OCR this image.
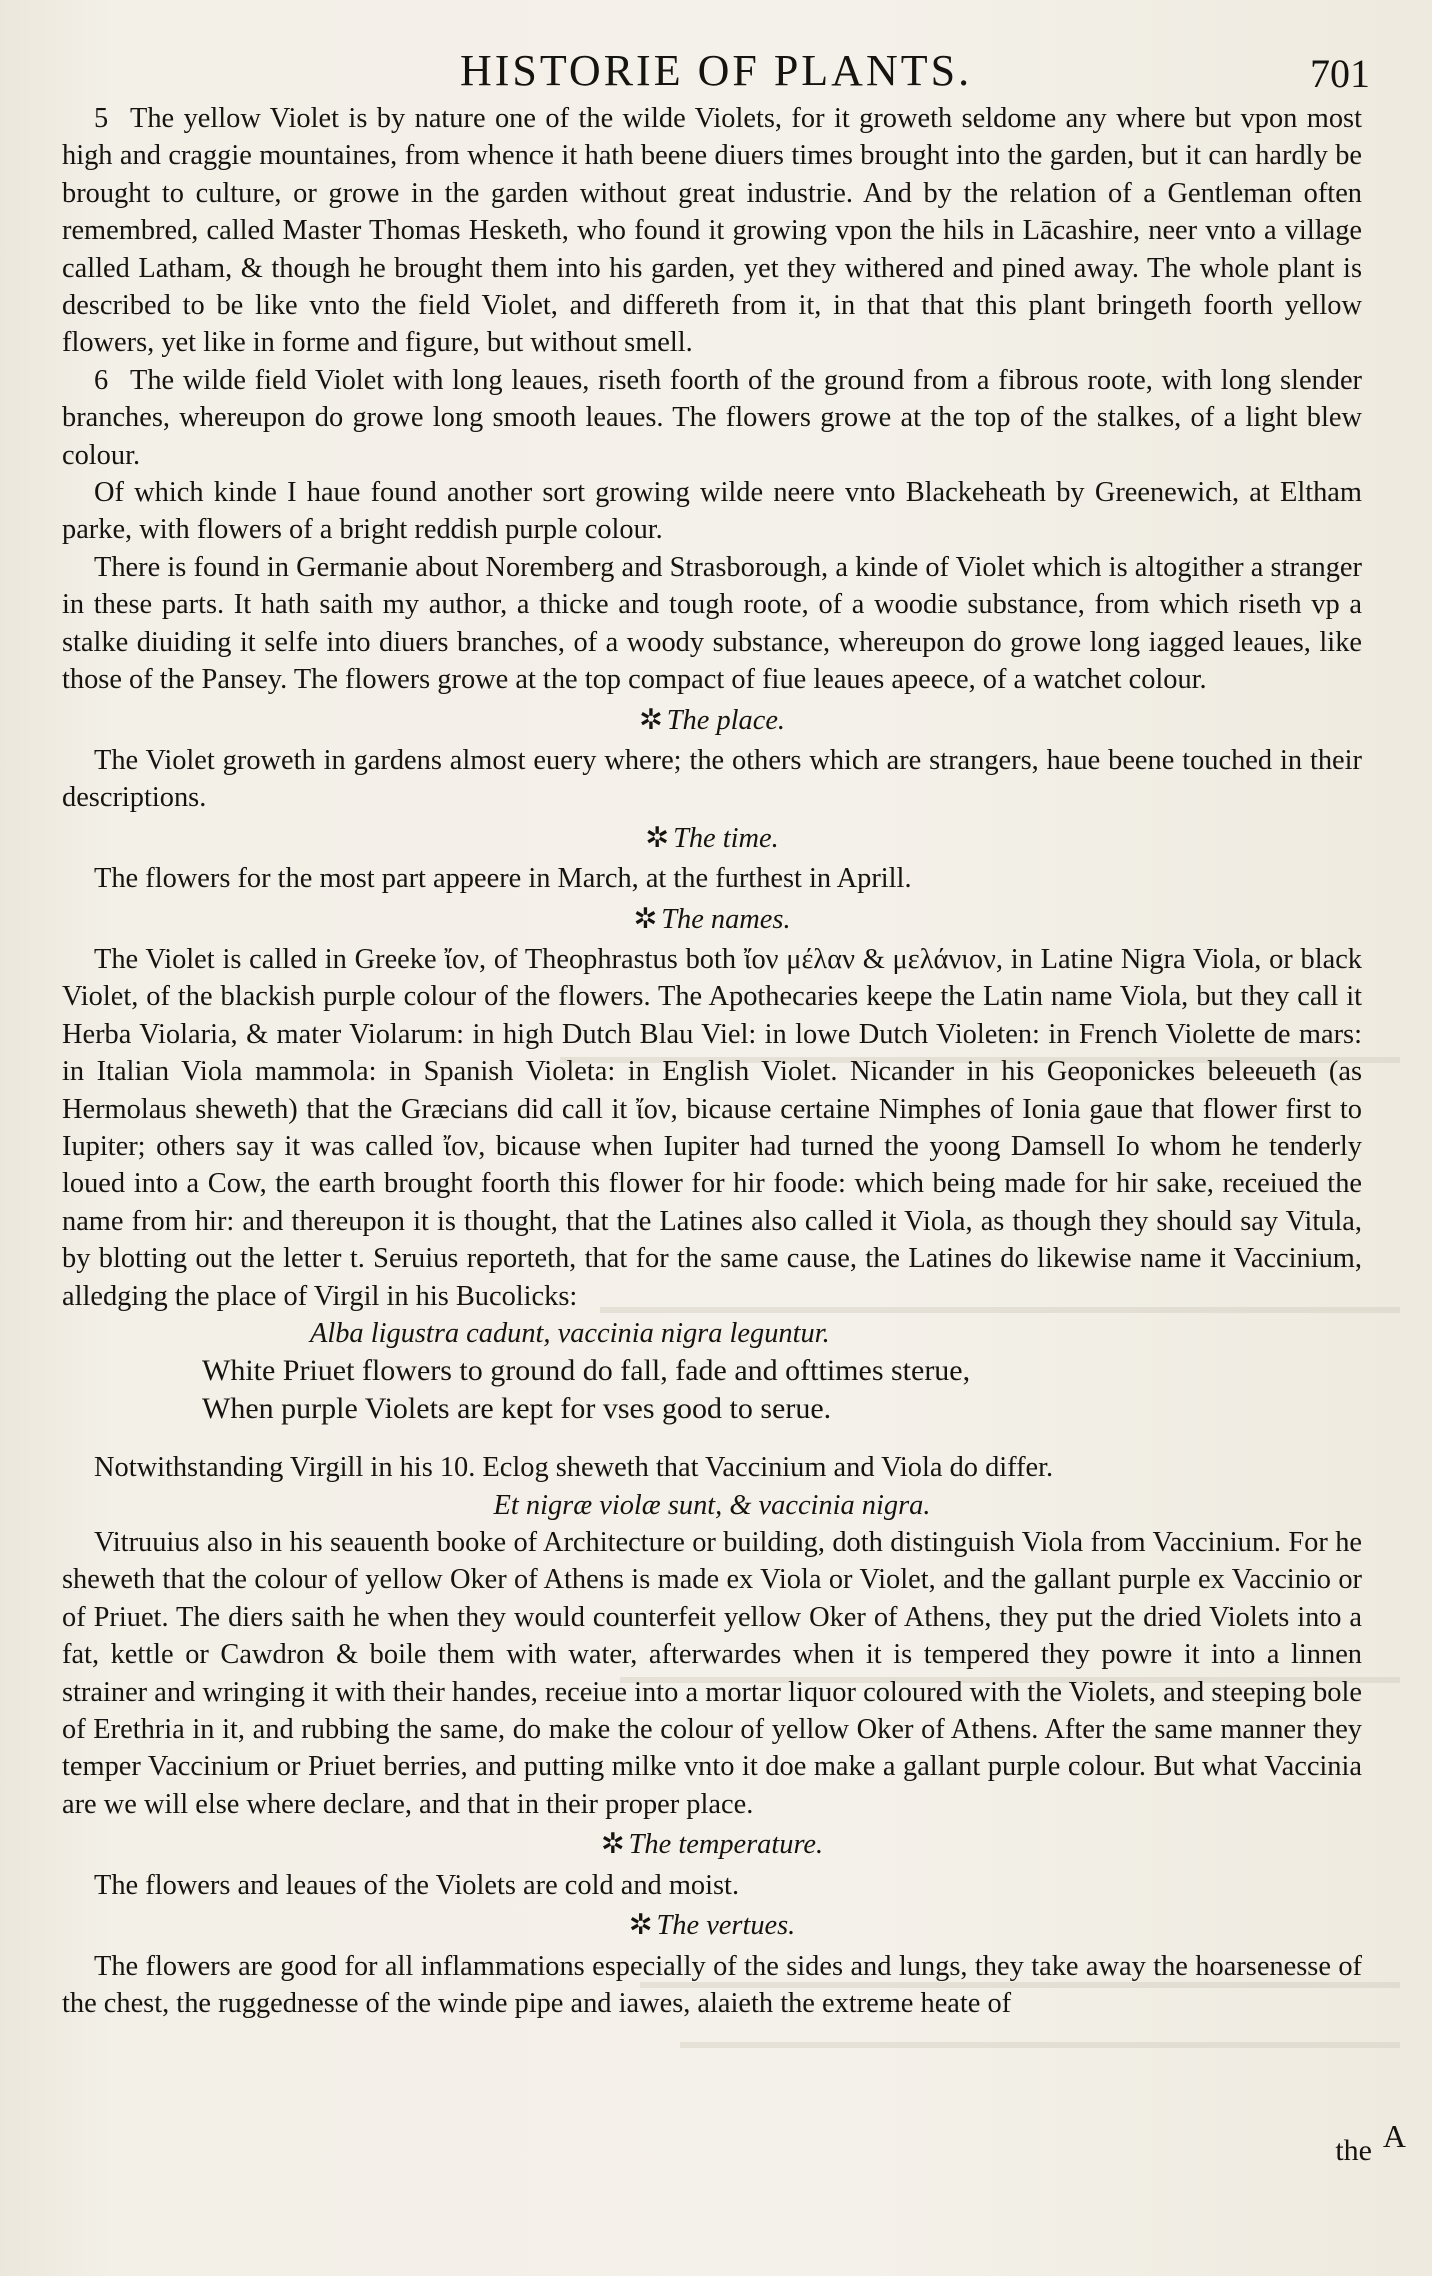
HISTORIE OF PLANTS.	701

5 The yellow Violet is by nature one of the wilde Violets, for it groweth seldome any where but vpon most high and craggie mountaines, from whence it hath beene diuers times brought into the garden, but it can hardly be brought to culture, or growe in the garden without great industrie. And by the relation of a Gentleman often remembred, called Master Thomas Hesketh, who found it growing vpon the hils in Lācashire, neer vnto a village called Latham, & though he brought them into his garden, yet they withered and pined away. The whole plant is described to be like vnto the field Violet, and differeth from it, in that that this plant bringeth foorth yellow flowers, yet like in forme and figure, but without smell.

6 The wilde field Violet with long leaues, riseth foorth of the ground from a fibrous roote, with long slender branches, whereupon do growe long smooth leaues. The flowers growe at the top of the stalkes, of a light blew colour.

Of which kinde I haue found another sort growing wilde neere vnto Blackeheath by Greenewich, at Eltham parke, with flowers of a bright reddish purple colour.

There is found in Germanie about Noremberg and Strasborough, a kinde of Violet which is altogither a stranger in these parts. It hath saith my author, a thicke and tough roote, of a woodie substance, from which riseth vp a stalke diuiding it selfe into diuers branches, of a woody substance, whereupon do growe long iagged leaues, like those of the Pansey. The flowers growe at the top compact of fiue leaues apeece, of a watchet colour.

✲ The place.

The Violet groweth in gardens almost euery where; the others which are strangers, haue beene touched in their descriptions.

✲ The time.

The flowers for the most part appeere in March, at the furthest in Aprill.

✲ The names.

The Violet is called in Greeke ἴον, of Theophrastus both ἴον μέλαν & μελάνιον, in Latine Nigra Viola, or black Violet, of the blackish purple colour of the flowers. The Apothecaries keepe the Latin name Viola, but they call it Herba Violaria, & mater Violarum: in high Dutch Blau Viel: in lowe Dutch Violeten: in French Violette de mars: in Italian Viola mammola: in Spanish Violeta: in English Violet. Nicander in his Geoponickes beleeueth (as Hermolaus sheweth) that the Græcians did call it ἴον, bicause certaine Nimphes of Ionia gaue that flower first to Iupiter; others say it was called ἴον, bicause when Iupiter had turned the yoong Damsell Io whom he tenderly loued into a Cow, the earth brought foorth this flower for hir foode: which being made for hir sake, receiued the name from hir: and thereupon it is thought, that the Latines also called it Viola, as though they should say Vitula, by blotting out the letter t. Seruius reporteth, that for the same cause, the Latines do likewise name it Vaccinium, alledging the place of Virgil in his Bucolicks:

Alba ligustra cadunt, vaccinia nigra leguntur.

White Priuet flowers to ground do fall, fade and ofttimes sterue,

When purple Violets are kept for vses good to serue.

Notwithstanding Virgill in his 10. Eclog sheweth that Vaccinium and Viola do differ.

Et nigræ violæ sunt, & vaccinia nigra.

Vitruuius also in his seauenth booke of Architecture or building, doth distinguish Viola from Vaccinium. For he sheweth that the colour of yellow Oker of Athens is made ex Viola or Violet, and the gallant purple ex Vaccinio or of Priuet. The diers saith he when they would counterfeit yellow Oker of Athens, they put the dried Violets into a fat, kettle or Cawdron & boile them with water, afterwardes when it is tempered they powre it into a linnen strainer and wringing it with their handes, receiue into a mortar liquor coloured with the Violets, and steeping bole of Erethria in it, and rubbing the same, do make the colour of yellow Oker of Athens. After the same manner they temper Vaccinium or Priuet berries, and putting milke vnto it doe make a gallant purple colour. But what Vaccinia are we will else where declare, and that in their proper place.

✲ The temperature.

The flowers and leaues of the Violets are cold and moist.

✲ The vertues.

The flowers are good for all inflammations especially of the sides and lungs, they take away the hoarsenesse of the chest, the ruggednesse of the winde pipe and iawes, alaieth the extreme heate of

A
the
